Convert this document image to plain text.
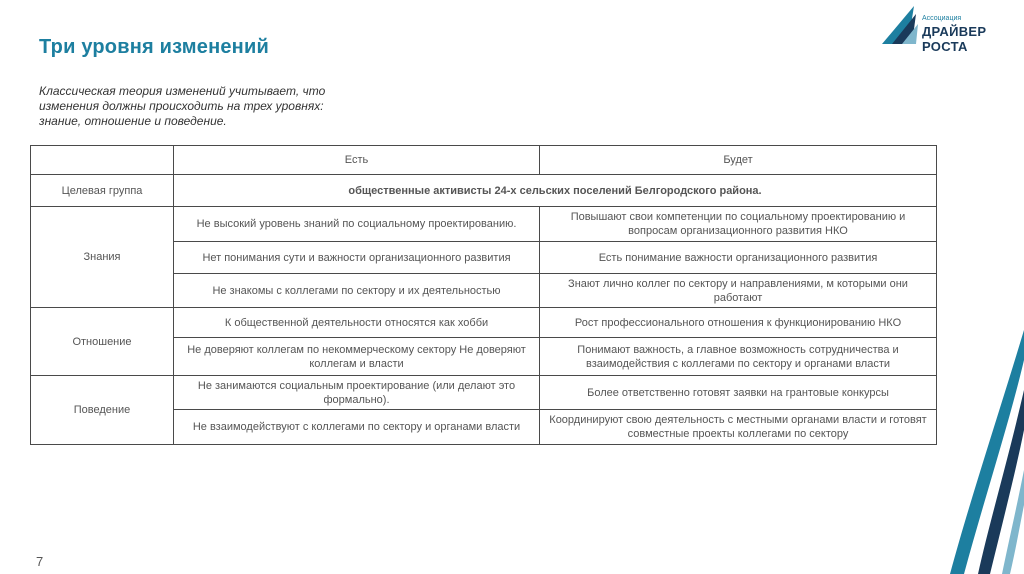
Три уровня изменений
Классическая теория изменений учитывает, что изменения должны происходить на трех уровнях: знание, отношение и поведение.
Ассоциация
ДРАЙВЕР РОСТА
	Есть	Будет
Целевая группа	общественные активисты 24-х сельских поселений Белгородского района.	
Знания	Не высокий уровень знаний по социальному проектированию.	Повышают свои компетенции по социальному проектированию и вопросам организационного развития НКО
	Нет понимания сути и важности организационного развития	Есть понимание важности организационного развития
	Не знакомы с коллегами по сектору и их деятельностью	Знают лично коллег по сектору и направлениями, м которыми они работают
Отношение	К общественной деятельности относятся как хобби	Рост профессионального отношения к функционированию НКО
	Не доверяют коллегам по некоммерческому сектору Не доверяют коллегам и власти	Понимают важность, а главное возможность сотрудничества и взаимодействия с коллегами по сектору и органами власти
Поведение	Не занимаются социальным проектирование (или делают это формально).	Более ответственно готовят заявки на грантовые конкурсы
	Не взаимодействуют с коллегами по сектору и органами власти	Координируют свою деятельность с местными органами власти и готовят совместные проекты коллегами по сектору
7
